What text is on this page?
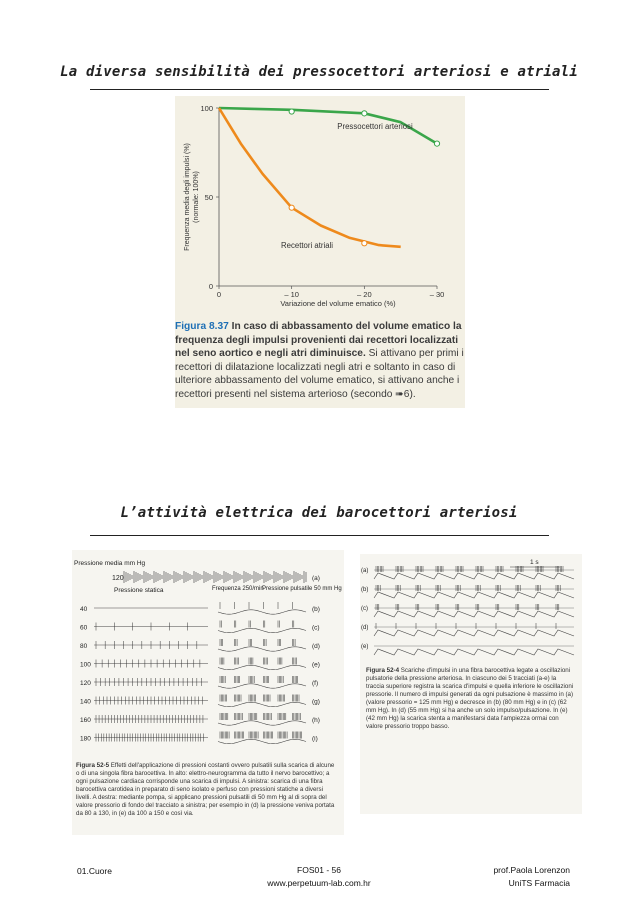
La diversa sensibilità dei pressocettori arteriosi e atriali
0	– 10	– 20	– 30
0
50
100
Variazione del volume ematico (%)
Frequenza media degli impulsi (%) (normale: 100%)
Pressocettori arteriosi
Recettori atriali
Figura 8.37 In caso di abbassamento del volume ematico la frequenza degli impulsi provenienti dai recettori localizzati nel seno aortico e negli atri diminuisce. Si attivano per primi i recettori di dilatazione localizzati negli atri e soltanto in caso di ulteriore abbassamento del volume ematico, si attivano anche i recettori presenti nel sistema arterioso (secondo ➠6).
L’attività elettrica dei barocettori arteriosi
Pressione media mm Hg
120
Pressione statica	Frequenza 250/min
Pressione pulsatile 50 mm Hg
(a)
40	(b)
60	(c)
80	(d)
100	(e)
120	(f)
140	(g)
160	(h)
180	(i)
Figura 52-5 Effetti dell'applicazione di pressioni costanti ovvero pulsatili sulla scarica di alcune o di una singola fibra barocettiva. In alto: elettro-neurogramma da tutto il nervo barocettivo; a ogni pulsazione cardiaca corrisponde una scarica di impulsi. A sinistra: scarica di una fibra barocettiva carotidea in preparato di seno isolato e perfuso con pressioni statiche a diversi livelli. A destra: mediante pompa, si applicano pressioni pulsatili di 50 mm Hg al di sopra del valore pressorio di fondo del tracciato a sinistra; per esempio in (d) la pressione veniva portata da 80 a 130, in (e) da 100 a 150 e così via.
1 s
(a)
(b)
(c)
(d)
(e)
Figura 52-4 Scariche d'impulsi in una fibra barocettiva legate a oscillazioni pulsatorie della pressione arteriosa. In ciascuno dei 5 tracciati (a-e) la traccia superiore registra la scarica d'impulsi e quella inferiore le oscillazioni pressorie. Il numero di impulsi generati da ogni pulsazione è massimo in (a) (valore pressorio = 125 mm Hg) e decresce in (b) (80 mm Hg) e in (c) (62 mm Hg). In (d) (55 mm Hg) si ha anche un solo impulso/pulsazione. In (e) (42 mm Hg) la scarica stenta a manifestarsi data l'ampiezza ormai con valore pressorio troppo basso.
01.Cuore	FOS01 - 56
www.perpetuum-lab.com.hr
prof.Paola Lorenzon
UniTS Farmacia
